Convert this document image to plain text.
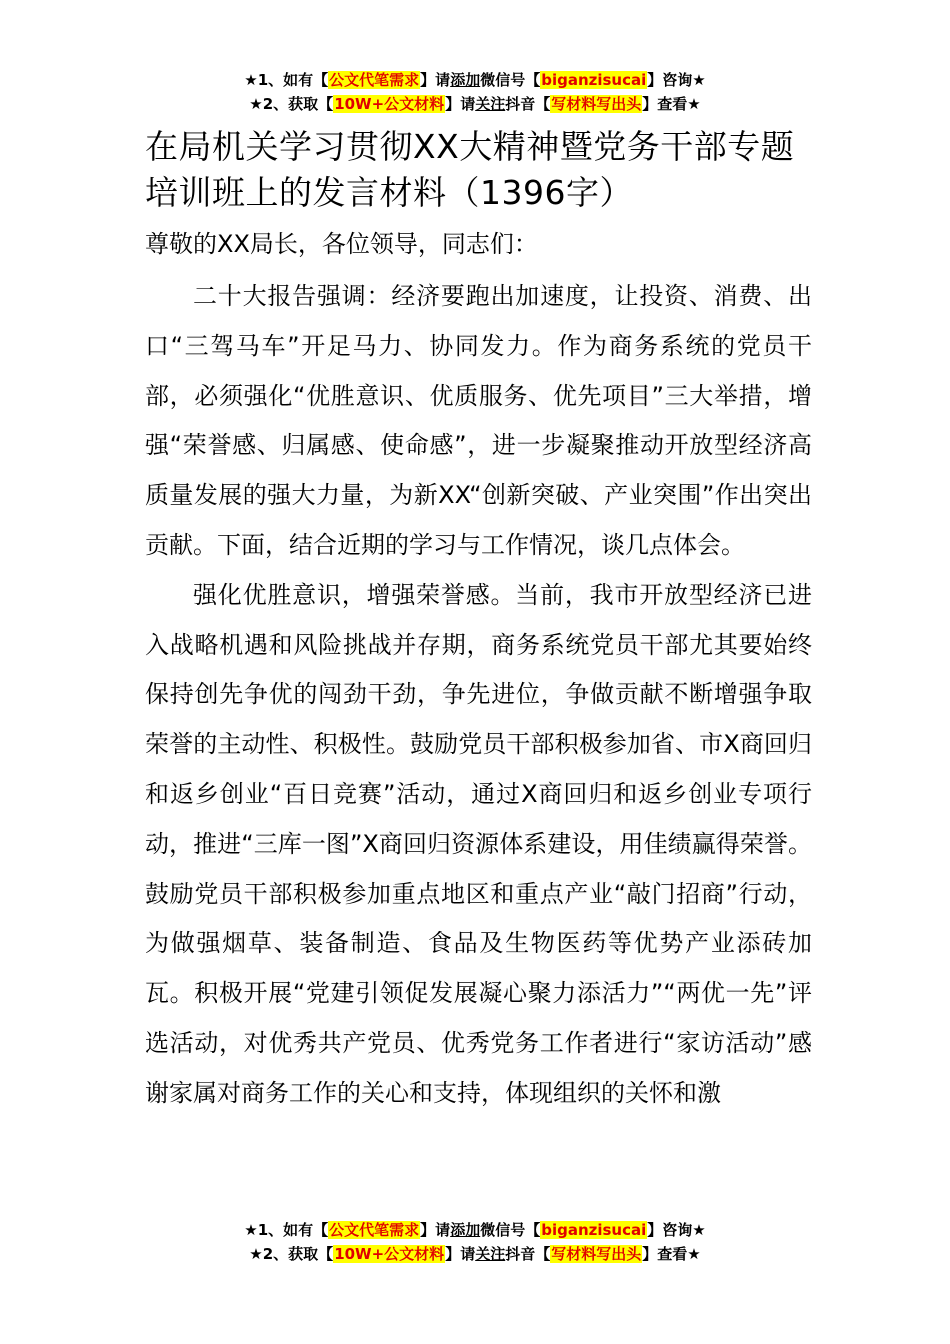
★1、如有【公文代笔需求】请添加微信号【biganzisucai】咨询★
★2、获取【10W+公文材料】请关注抖音【写材料写出头】查看★
在局机关学习贯彻XX大精神暨党务干部专题培训班上的发言材料（1396字）

尊敬的XX局长，各位领导，同志们：

二十大报告强调：经济要跑出加速度，让投资、消费、出口“三驾马车”开足马力、协同发力。作为商务系统的党员干部，必须强化“优胜意识、优质服务、优先项目”三大举措，增强“荣誉感、归属感、使命感”，进一步凝聚推动开放型经济高质量发展的强大力量，为新XX“创新突破、产业突围”作出突出贡献。下面，结合近期的学习与工作情况，谈几点体会。

强化优胜意识，增强荣誉感。当前，我市开放型经济已进入战略机遇和风险挑战并存期，商务系统党员干部尤其要始终保持创先争优的闯劲干劲，争先进位，争做贡献不断增强争取荣誉的主动性、积极性。鼓励党员干部积极参加省、市X商回归和返乡创业“百日竞赛”活动，通过X商回归和返乡创业专项行动，推进“三库一图”X商回归资源体系建设，用佳绩赢得荣誉。鼓励党员干部积极参加重点地区和重点产业“敲门招商”行动，为做强烟草、装备制造、食品及生物医药等优势产业添砖加瓦。积极开展“党建引领促发展凝心聚力添活力”“两优一先”评选活动，对优秀共产党员、优秀党务工作者进行“家访活动”感谢家属对商务工作的关心和支持，体现组织的关怀和激

★1、如有【公文代笔需求】请添加微信号【biganzisucai】咨询★
★2、获取【10W+公文材料】请关注抖音【写材料写出头】查看★
